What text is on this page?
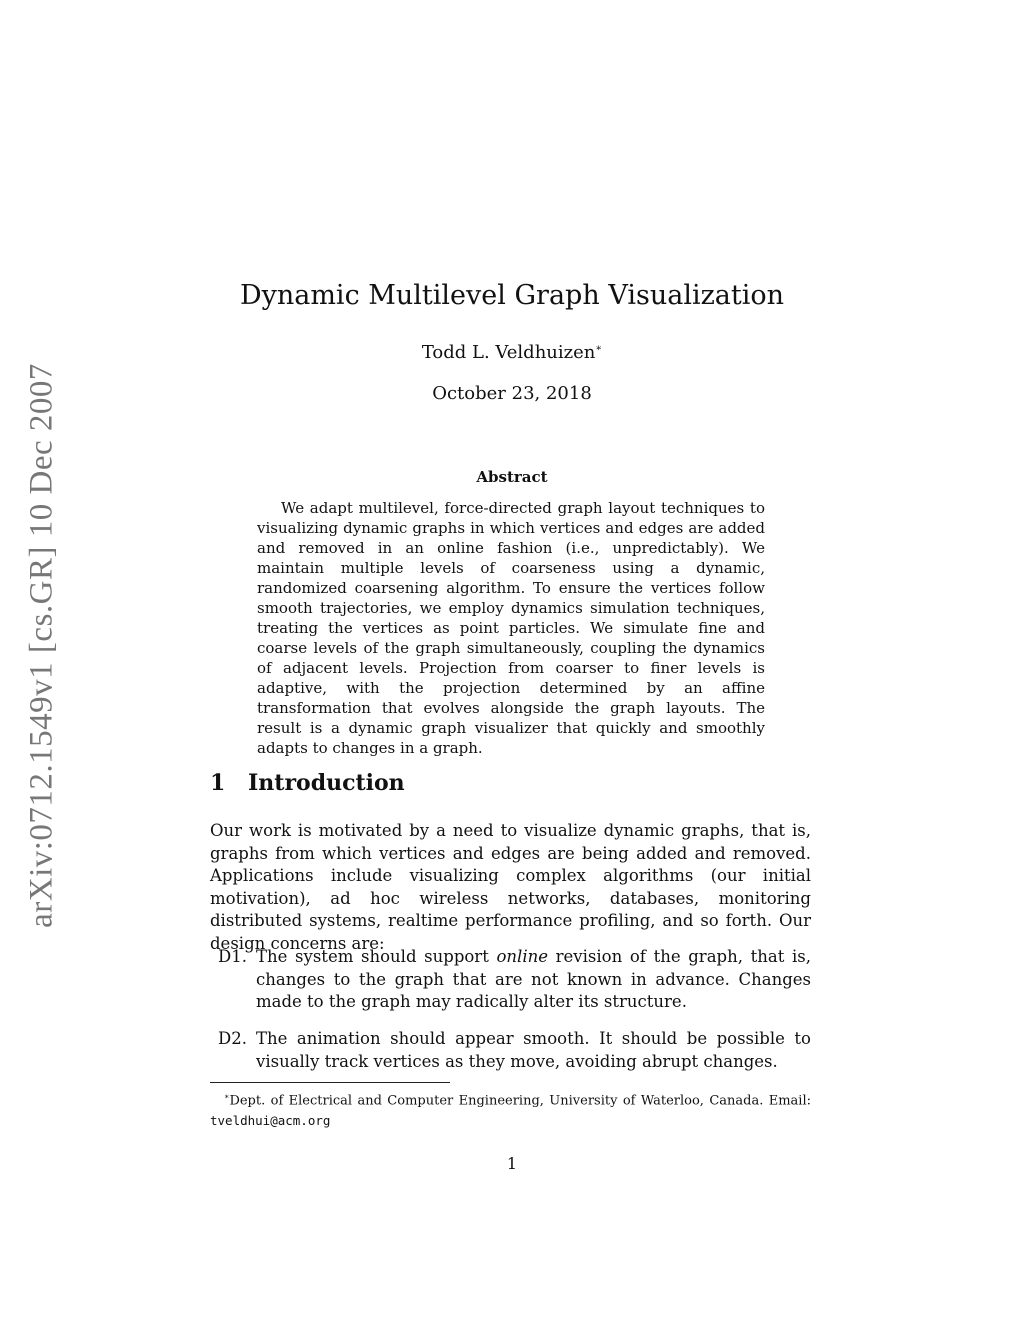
arXiv:0712.1549v1 [cs.GR] 10 Dec 2007
Dynamic Multilevel Graph Visualization
Todd L. Veldhuizen∗
October 23, 2018
Abstract

We adapt multilevel, force-directed graph layout techniques to visualizing dynamic graphs in which vertices and edges are added and removed in an online fashion (i.e., unpredictably). We maintain multiple levels of coarseness using a dynamic, randomized coarsening algorithm. To ensure the vertices follow smooth trajectories, we employ dynamics simulation techniques, treating the vertices as point particles. We simulate fine and coarse levels of the graph simultaneously, coupling the dynamics of adjacent levels. Projection from coarser to finer levels is adaptive, with the projection determined by an affine transformation that evolves alongside the graph layouts. The result is a dynamic graph visualizer that quickly and smoothly adapts to changes in a graph.

1 Introduction

Our work is motivated by a need to visualize dynamic graphs, that is, graphs from which vertices and edges are being added and removed. Applications include visualizing complex algorithms (our initial motivation), ad hoc wireless networks, databases, monitoring distributed systems, realtime performance profiling, and so forth. Our design concerns are:

D1. The system should support online revision of the graph, that is, changes to the graph that are not known in advance. Changes made to the graph may radically alter its structure.
D2. The animation should appear smooth. It should be possible to visually track vertices as they move, avoiding abrupt changes.
∗Dept. of Electrical and Computer Engineering, University of Waterloo, Canada. Email: tveldhui@acm.org
1
